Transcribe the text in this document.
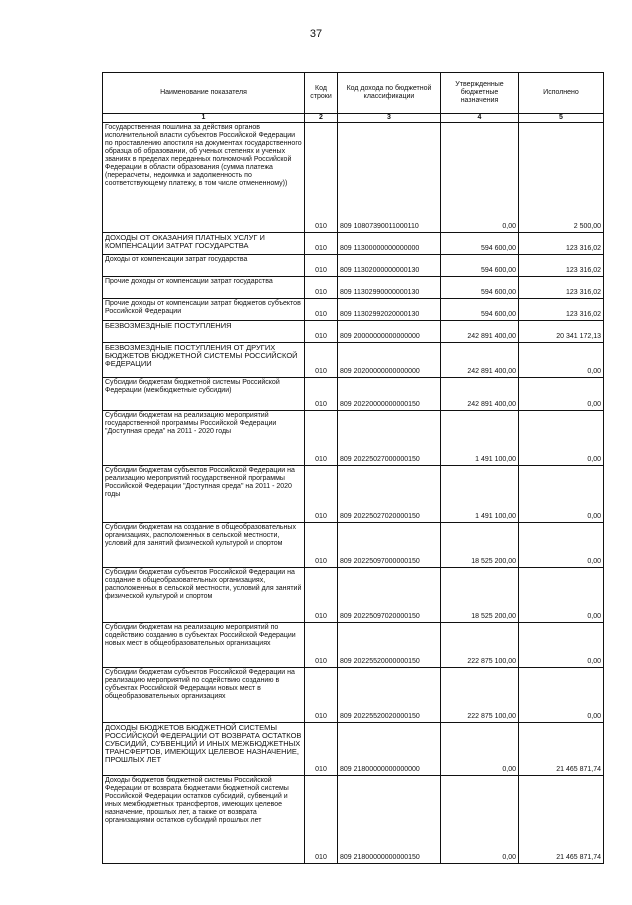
37
Наименование показателя	Код строки	Код дохода по бюджетной классификации	Утвержденные бюджетные назначения	Исполнено
1	2	3	4	5
Государственная пошлина за действия органов исполнительной власти субъектов Российской Федерации по проставлению апостиля на документах государственного образца об образовании, об ученых степенях и ученых званиях в пределах переданных полномочий Российской Федерации в области образования (сумма платежа (перерасчеты, недоимка и задолженность по соответствующему платежу, в том числе отмененному))	010	809 10807390011000110	0,00	2 500,00
ДОХОДЫ ОТ ОКАЗАНИЯ ПЛАТНЫХ УСЛУГ И КОМПЕНСАЦИИ ЗАТРАТ ГОСУДАРСТВА	010	809 11300000000000000	594 600,00	123 316,02
Доходы от компенсации затрат государства	010	809 11302000000000130	594 600,00	123 316,02
Прочие доходы от компенсации затрат государства	010	809 11302990000000130	594 600,00	123 316,02
Прочие доходы от компенсации затрат бюджетов субъектов Российской Федерации	010	809 11302992020000130	594 600,00	123 316,02
БЕЗВОЗМЕЗДНЫЕ ПОСТУПЛЕНИЯ	010	809 20000000000000000	242 891 400,00	20 341 172,13
БЕЗВОЗМЕЗДНЫЕ ПОСТУПЛЕНИЯ ОТ ДРУГИХ БЮДЖЕТОВ БЮДЖЕТНОЙ СИСТЕМЫ РОССИЙСКОЙ ФЕДЕРАЦИИ	010	809 20200000000000000	242 891 400,00	0,00
Субсидии бюджетам бюджетной системы Российской Федерации (межбюджетные субсидии)	010	809 20220000000000150	242 891 400,00	0,00
Субсидии бюджетам на реализацию мероприятий государственной программы Российской Федерации "Доступная среда" на 2011 - 2020 годы	010	809 20225027000000150	1 491 100,00	0,00
Субсидии бюджетам субъектов Российской Федерации на реализацию мероприятий государственной программы Российской Федерации "Доступная среда" на 2011 - 2020 годы	010	809 20225027020000150	1 491 100,00	0,00
Субсидии бюджетам на создание в общеобразовательных организациях, расположенных в сельской местности, условий для занятий физической культурой и спортом	010	809 20225097000000150	18 525 200,00	0,00
Субсидии бюджетам субъектов Российской Федерации на создание в общеобразовательных организациях, расположенных в сельской местности, условий для занятий физической культурой и спортом	010	809 20225097020000150	18 525 200,00	0,00
Субсидии бюджетам на реализацию мероприятий по содействию созданию в субъектах Российской Федерации новых мест в общеобразовательных организациях	010	809 20225520000000150	222 875 100,00	0,00
Субсидии бюджетам субъектов Российской Федерации на реализацию мероприятий по содействию созданию в субъектах Российской Федерации новых мест в общеобразовательных организациях	010	809 20225520020000150	222 875 100,00	0,00
ДОХОДЫ БЮДЖЕТОВ БЮДЖЕТНОЙ СИСТЕМЫ РОССИЙСКОЙ ФЕДЕРАЦИИ ОТ ВОЗВРАТА ОСТАТКОВ СУБСИДИЙ, СУБВЕНЦИЙ И ИНЫХ МЕЖБЮДЖЕТНЫХ ТРАНСФЕРТОВ, ИМЕЮЩИХ ЦЕЛЕВОЕ НАЗНАЧЕНИЕ, ПРОШЛЫХ ЛЕТ	010	809 21800000000000000	0,00	21 465 871,74
Доходы бюджетов бюджетной системы Российской Федерации от возврата бюджетами бюджетной системы Российской Федерации остатков субсидий, субвенций и иных межбюджетных трансфертов, имеющих целевое назначение, прошлых лет, а также от возврата организациями остатков субсидий прошлых лет	010	809 21800000000000150	0,00	21 465 871,74
